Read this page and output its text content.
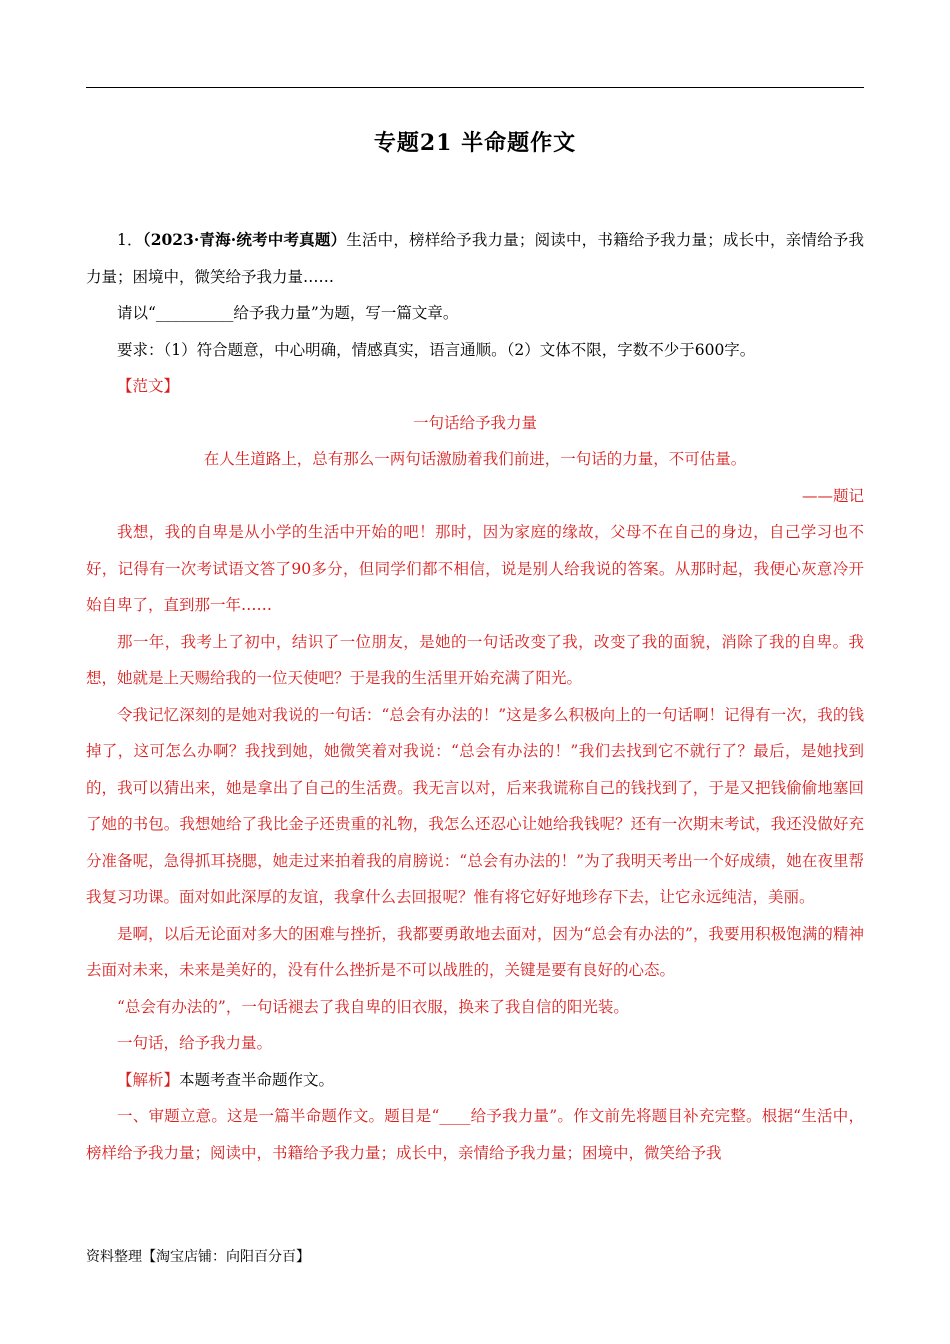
专题21 半命题作文

1．（2023·青海·统考中考真题）生活中，榜样给予我力量；阅读中，书籍给予我力量；成长中，亲情给予我力量；困境中，微笑给予我力量……

请以“__________给予我力量”为题，写一篇文章。

要求：（1）符合题意，中心明确，情感真实，语言通顺。（2）文体不限，字数不少于600字。

【范文】

一句话给予我力量

在人生道路上，总有那么一两句话激励着我们前进，一句话的力量，不可估量。

——题记

我想，我的自卑是从小学的生活中开始的吧！那时，因为家庭的缘故，父母不在自己的身边，自己学习也不好，记得有一次考试语文答了90多分，但同学们都不相信，说是别人给我说的答案。从那时起，我便心灰意冷开始自卑了，直到那一年……

那一年，我考上了初中，结识了一位朋友，是她的一句话改变了我，改变了我的面貌，消除了我的自卑。我想，她就是上天赐给我的一位天使吧？于是我的生活里开始充满了阳光。

令我记忆深刻的是她对我说的一句话：“总会有办法的！”这是多么积极向上的一句话啊！记得有一次，我的钱掉了，这可怎么办啊？我找到她，她微笑着对我说：“总会有办法的！”我们去找到它不就行了？最后，是她找到的，我可以猜出来，她是拿出了自己的生活费。我无言以对，后来我谎称自己的钱找到了，于是又把钱偷偷地塞回了她的书包。我想她给了我比金子还贵重的礼物，我怎么还忍心让她给我钱呢？还有一次期末考试，我还没做好充分准备呢，急得抓耳挠腮，她走过来拍着我的肩膀说：“总会有办法的！”为了我明天考出一个好成绩，她在夜里帮我复习功课。面对如此深厚的友谊，我拿什么去回报呢？惟有将它好好地珍存下去，让它永远纯洁，美丽。

是啊，以后无论面对多大的困难与挫折，我都要勇敢地去面对，因为“总会有办法的”，我要用积极饱满的精神去面对未来，未来是美好的，没有什么挫折是不可以战胜的，关键是要有良好的心态。

“总会有办法的”，一句话褪去了我自卑的旧衣服，换来了我自信的阳光装。

一句话，给予我力量。

【解析】本题考查半命题作文。

一、审题立意。这是一篇半命题作文。题目是“____给予我力量”。作文前先将题目补充完整。根据“生活中，榜样给予我力量；阅读中，书籍给予我力量；成长中，亲情给予我力量；困境中，微笑给予我

资料整理【淘宝店铺：向阳百分百】
